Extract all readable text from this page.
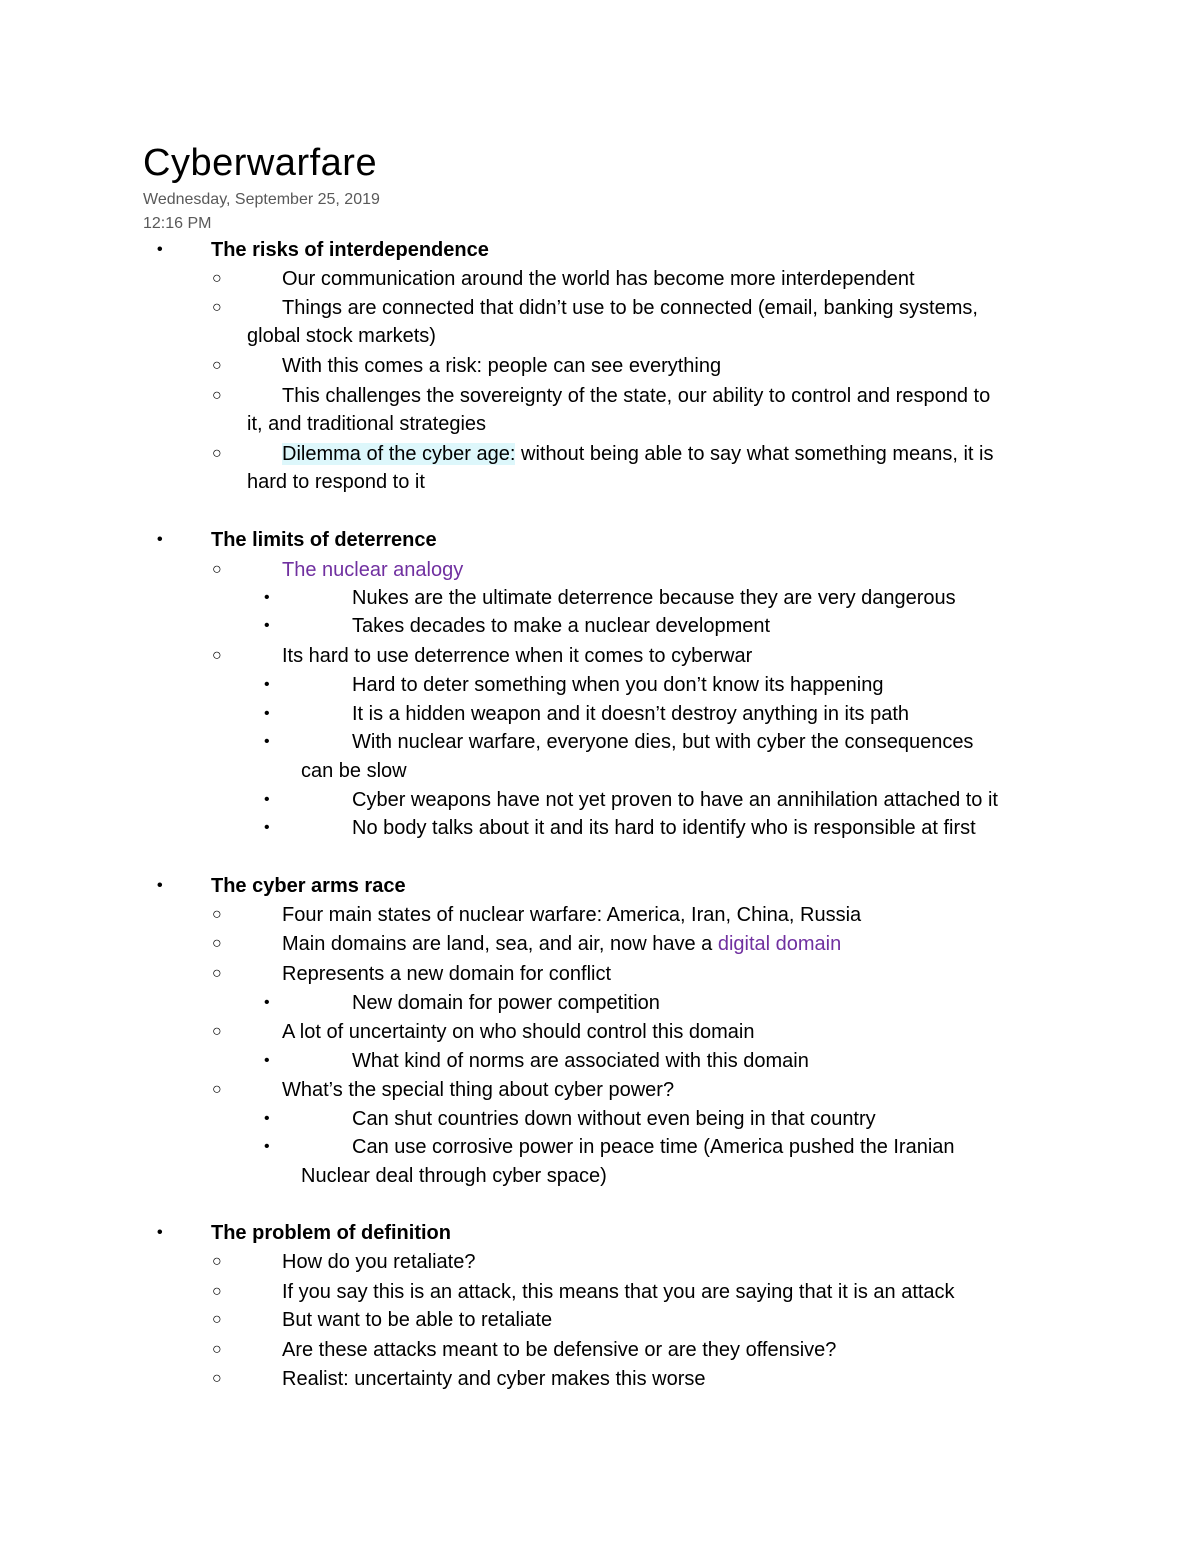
Cyberwarfare
Wednesday, September 25, 2019
12:16 PM
• The risks of interdependence
○	Our communication around the world has become more interdependent
○	Things are connected that didn’t use to be connected (email, banking systems,
global stock markets)
○	With this comes a risk: people can see everything
○	This challenges the sovereignty of the state, our ability to control and respond to
it, and traditional strategies
○	Dilemma of the cyber age: without being able to say what something means, it is
hard to respond to it
• The limits of deterrence
○	The nuclear analogy
•	Nukes are the ultimate deterrence because they are very dangerous
•	Takes decades to make a nuclear development
○	Its hard to use deterrence when it comes to cyberwar
•	Hard to deter something when you don’t know its happening
•	It is a hidden weapon and it doesn’t destroy anything in its path
•	With nuclear warfare, everyone dies, but with cyber the consequences
can be slow
•	Cyber weapons have not yet proven to have an annihilation attached to it
•	No body talks about it and its hard to identify who is responsible at first
• The cyber arms race
○	Four main states of nuclear warfare: America, Iran, China, Russia
○	Main domains are land, sea, and air, now have a digital domain
○	Represents a new domain for conflict
•	New domain for power competition
○	A lot of uncertainty on who should control this domain
•	What kind of norms are associated with this domain
○	What’s the special thing about cyber power?
•	Can shut countries down without even being in that country
•	Can use corrosive power in peace time (America pushed the Iranian
Nuclear deal through cyber space)
• The problem of definition
○	How do you retaliate?
○	If you say this is an attack, this means that you are saying that it is an attack
○	But want to be able to retaliate
○	Are these attacks meant to be defensive or are they offensive?
○	Realist: uncertainty and cyber makes this worse
